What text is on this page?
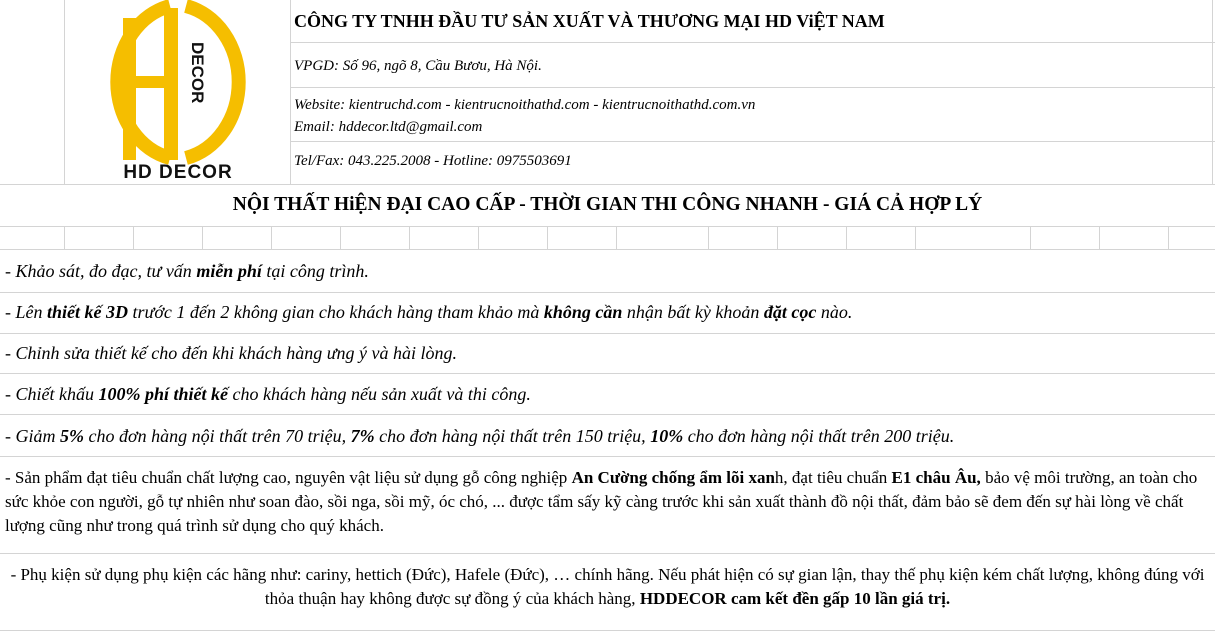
DECOR
HD DECOR
CÔNG TY TNHH ĐẦU TƯ SẢN XUẤT VÀ THƯƠNG MẠI HD ViỆT NAM
VPGD: Số 96, ngõ 8, Cầu Bươu, Hà Nội.
Website: kientruchd.com - kientrucnoithathd.com - kientrucnoithathd.com.vn
Email: hddecor.ltd@gmail.com
Tel/Fax: 043.225.2008 - Hotline: 0975503691
NỘI THẤT HiỆN ĐẠI CAO CẤP - THỜI GIAN THI CÔNG NHANH - GIÁ CẢ HỢP LÝ
- Khảo sát, đo đạc, tư vấn miễn phí tại công trình.
- Lên thiết kế 3D trước 1 đến 2 không gian cho khách hàng tham khảo mà không cần nhận bất kỳ khoản đặt cọc nào.
- Chỉnh sửa thiết kế cho đến khi khách hàng ưng ý và hài lòng.
- Chiết khấu 100% phí thiết kế cho khách hàng nếu sản xuất và thi công.
- Giảm 5% cho đơn hàng nội thất trên 70 triệu, 7% cho đơn hàng nội thất trên 150 triệu, 10% cho đơn hàng nội thất trên 200 triệu.
- Sản phẩm đạt tiêu chuẩn chất lượng cao, nguyên vật liệu sử dụng gỗ công nghiệp An Cường chống ẩm lõi xanh, đạt tiêu chuẩn E1 châu Âu, bảo vệ môi trường, an toàn cho sức khỏe con người, gỗ tự nhiên như soan đào, sồi nga, sồi mỹ, óc chó, ... được tẩm sấy kỹ càng trước khi sản xuất thành đồ nội thất, đảm bảo sẽ đem đến sự hài lòng về chất lượng cũng như trong quá trình sử dụng cho quý khách.
- Phụ kiện sử dụng phụ kiện các hãng như: cariny, hettich (Đức), Hafele (Đức), … chính hãng. Nếu phát hiện có sự gian lận, thay thế phụ kiện kém chất lượng, không đúng với thỏa thuận hay không được sự đồng ý của khách hàng, HDDECOR cam kết đền gấp 10 lần giá trị.
